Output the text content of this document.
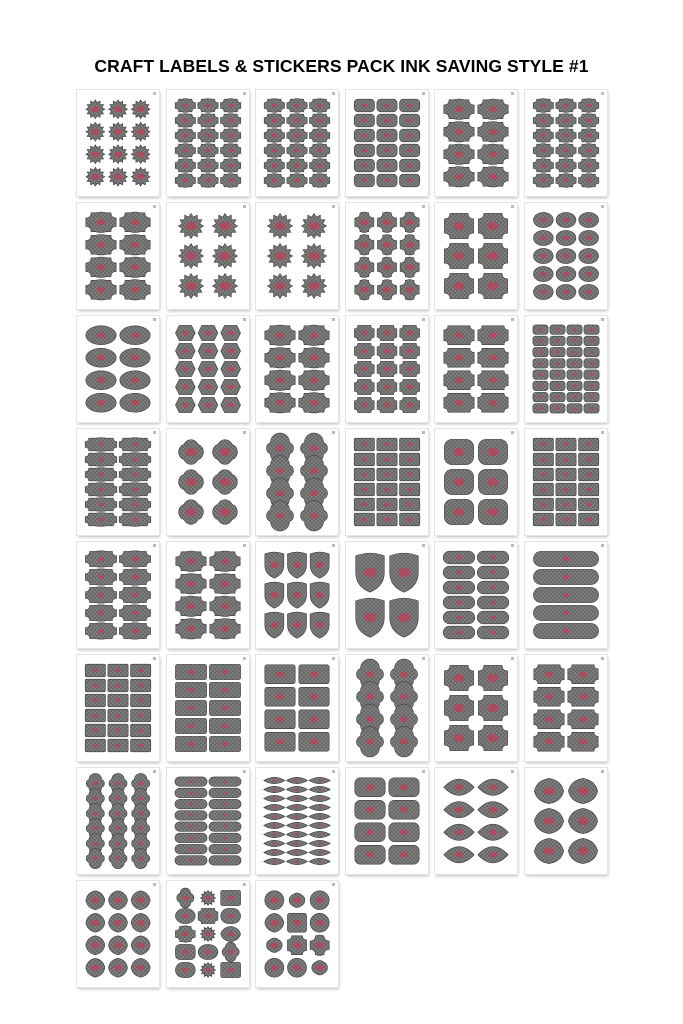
CRAFT LABELS & STICKERS PACK INK SAVING STYLE #1
